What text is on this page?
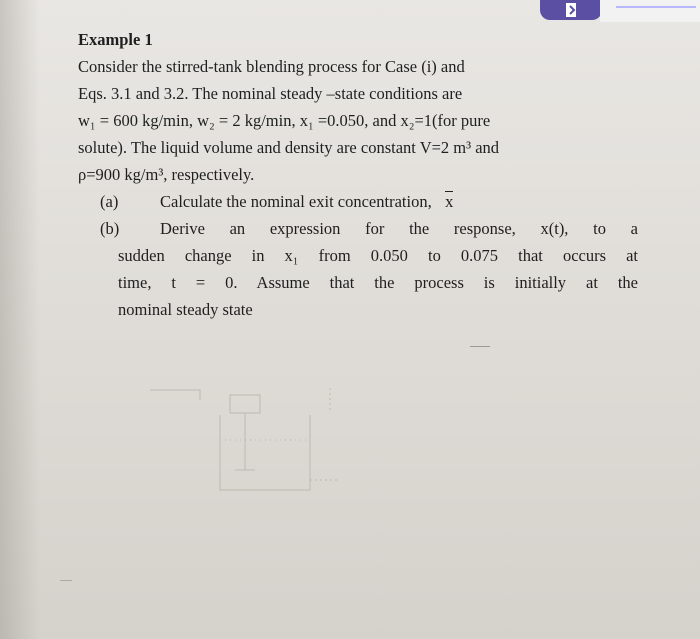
Example 1
Consider the stirred-tank blending process for Case (i) and
Eqs. 3.1 and 3.2. The nominal steady –state conditions are
w₁ = 600 kg/min, w₂ = 2 kg/min, x₁ =0.050, and x₂=1(for pure
solute). The liquid volume and density are constant V=2 m³ and
ρ=900 kg/m³, respectively.
(a)	Calculate the nominal exit concentration, x
(b)	Derive an expression for the response, x(t), to a
sudden change in x₁ from 0.050 to 0.075 that occurs at
time, t = 0. Assume that the process is initially at the
nominal steady state
